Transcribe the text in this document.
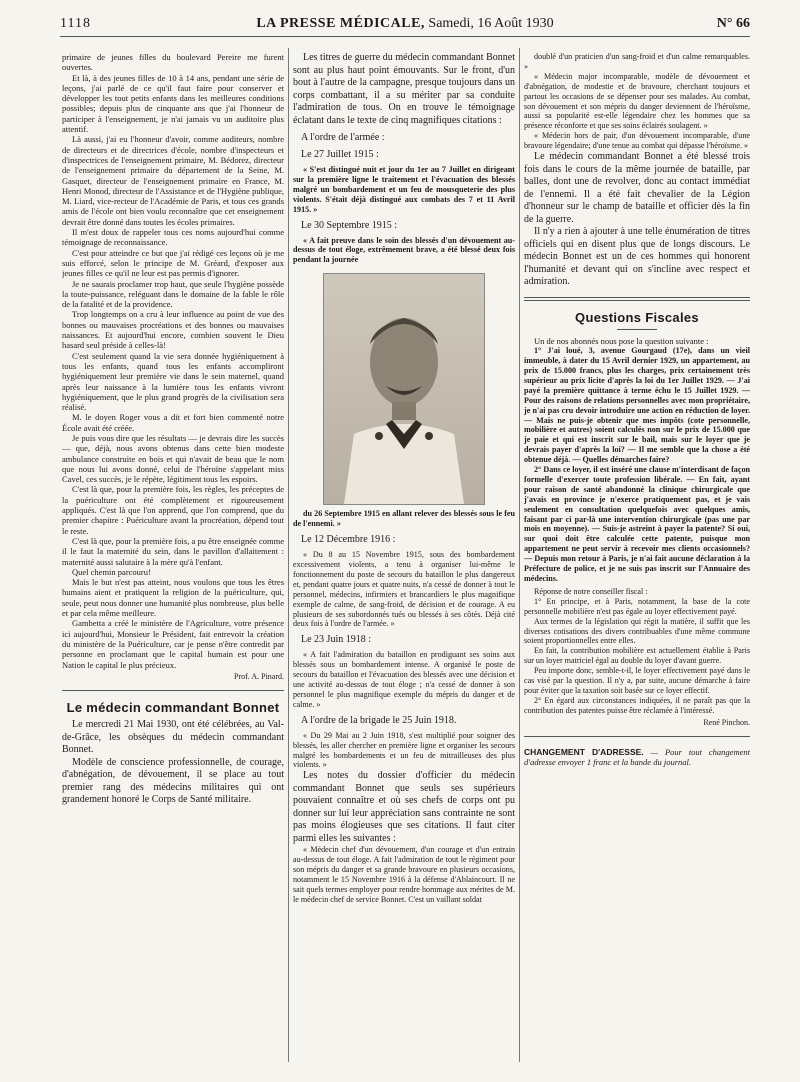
1118	LA PRESSE MÉDICALE, Samedi, 16 Août 1930	N° 66

primaire de jeunes filles du boulevard Pereire me furent ouvertes.

Et là, à des jeunes filles de 10 à 14 ans, pendant une série de leçons, j'ai parlé de ce qu'il faut faire pour conserver et développer les tout petits enfants dans les meilleures conditions possibles; depuis plus de cinquante ans que j'ai l'honneur de participer à l'enseignement, je n'ai jamais vu un auditoire plus attentif.

Là aussi, j'ai eu l'honneur d'avoir, comme auditeurs, nombre de directeurs et de directrices d'école, nombre d'inspecteurs et d'inspectrices de l'enseignement primaire, M. Bédorez, directeur de l'enseignement primaire du département de la Seine, M. Gasquet, directeur de l'enseignement primaire en France, M. Henri Monod, directeur de l'Assistance et de l'Hygiène publique, M. Liard, vice-recteur de l'Académie de Paris, et tous ces grands amis de l'école ont bien voulu reconnaître que cet enseignement devrait être donné dans toutes les écoles primaires.

Il m'est doux de rappeler tous ces noms aujourd'hui comme témoignage de reconnaissance.

C'est pour atteindre ce but que j'ai rédigé ces leçons où je me suis efforcé, selon le principe de M. Gréard, d'exposer aux jeunes filles ce qu'il ne leur est pas permis d'ignorer.

Je ne saurais proclamer trop haut, que seule l'hygiène possède la toute-puissance, reléguant dans le domaine de la fable le rôle de la fatalité et de la providence.

Trop longtemps on a cru à leur influence au point de vue des bonnes ou mauvaises procréations et des bonnes ou mauvaises naissances. Et aujourd'hui encore, combien souvent le Dieu hasard seul préside à celles-là!

C'est seulement quand la vie sera donnée hygiéniquement à tous les enfants, quand tous les enfants accompliront hygiéniquement leur première vie dans le sein maternel, quand après leur naissance à la lumière tous les enfants vivront hygiéniquement, que le plus grand progrès de la civilisation sera réalisé.

M. le doyen Roger vous a dit et fort bien commenté notre École avait été créée.

Je puis vous dire que les résultats — je devrais dire les succès — que, déjà, nous avons obtenus dans cette bien modeste ambulance construite en bois et qui n'avait de beau que le nom que nous lui avons donné, celui de l'héroïne s'appelant miss Cavel, ces succès, je le répète, légitiment tous les espoirs.

C'est là que, pour la première fois, les règles, les préceptes de la puériculture ont été complètement et rigoureusement appliqués. C'est là que l'on apprend, que l'on comprend, que du premier chapitre : Puériculture avant la procréation, dépend tout le reste.

C'est là que, pour la première fois, a pu être enseignée comme il le faut la maternité du sein, dans le pavillon d'allaitement : maternité aussi salutaire à la mère qu'à l'enfant.

Quel chemin parcouru!

Mais le but n'est pas atteint, nous voulons que tous les êtres humains aient et pratiquent la religion de la puériculture, qui, seule, peut nous donner une humanité plus nombreuse, plus belle et par cela même meilleure.

Gambetta a créé le ministère de l'Agriculture, votre présence ici aujourd'hui, Monsieur le Président, fait entrevoir la création du ministère de la Puériculture, car je pense n'être contredit par personne en proclamant que le capital humain est pour une Nation le capital le plus précieux.

Prof. A. Pinard.

Le médecin commandant Bonnet

Le mercredi 21 Mai 1930, ont été célébrées, au Val-de-Grâce, les obsèques du médecin commandant Bonnet.

Modèle de conscience professionnelle, de courage, d'abnégation, de dévouement, il se place au tout premier rang des médecins militaires qui ont grandement honoré le Corps de Santé militaire.

Les titres de guerre du médecin commandant Bonnet sont au plus haut point émouvants. Sur le front, d'un bout à l'autre de la campagne, presque toujours dans un corps combattant, il a su mériter par sa conduite l'admiration de tous. On en trouve le témoignage éclatant dans le texte de cinq magnifiques citations :

A l'ordre de l'armée :

Le 27 Juillet 1915 :

« S'est distingué nuit et jour du 1er au 7 Juillet en dirigeant sur la première ligne le traitement et l'évacuation des blessés malgré un bombardement et un feu de mousqueterie des plus violents. S'était déjà distingué aux combats des 7 et 11 Avril 1915. »

Le 30 Septembre 1915 :

« A fait preuve dans le soin des blessés d'un dévouement au-dessus de tout éloge, extrêmement brave, a été blessé deux fois pendant la journée

du 26 Septembre 1915 en allant relever des blessés sous le feu de l'ennemi. »

Le 12 Décembre 1916 :

« Du 8 au 15 Novembre 1915, sous des bombardement excessivement violents, a tenu à organiser lui-même le fonctionnement du poste de secours du bataillon le plus dangereux et, pendant quatre jours et quatre nuits, n'a cessé de donner à tout le personnel, médecins, infirmiers et brancardiers le plus magnifique exemple de calme, de sang-froid, de décision et de courage. A eu plusieurs de ses subordonnés tués ou blessés à ses côtés. Déjà cité deux fois à l'ordre de l'armée. »

Le 23 Juin 1918 :

« A fait l'admiration du bataillon en prodiguant ses soins aux blessés sous un bombardement intense. A organisé le poste de secours du bataillon et l'évacuation des blessés avec une décision et une activité au-dessus de tout éloge ; n'a cessé de donner à son personnel le plus magnifique exemple du mépris du danger et de calme. »

A l'ordre de la brigade le 25 Juin 1918.

« Du 29 Mai au 2 Juin 1918, s'est multiplié pour soigner des blessés, les aller chercher en première ligne et organiser les secours malgré les bombardements et un feu de mitrailleuses des plus violents. »

Les notes du dossier d'officier du médecin commandant Bonnet que seuls ses supérieurs pouvaient connaître et où ses chefs de corps ont pu donner sur lui leur appréciation sans contrainte ne sont pas moins élogieuses que ses citations. Il faut citer parmi elles les suivantes :

« Médecin chef d'un dévouement, d'un courage et d'un entrain au-dessus de tout éloge. A fait l'admiration de tout le régiment pour son mépris du danger et sa grande bravoure en plusieurs occasions, notamment le 15 Novembre 1916 à la défense d'Ablaincourt. Il ne sait quels termes employer pour rendre hommage aux mérites de M. le médecin chef de service Bonnet. C'est un vaillant soldat

doublé d'un praticien d'un sang-froid et d'un calme remarquables. »

« Médecin major incomparable, modèle de dévouement et d'abnégation, de modestie et de bravoure, cherchant toujours et partout les occasions de se dépenser pour ses malades. Au combat, son dévouement et son mépris du danger deviennent de l'héroïsme, aussi sa popularité est-elle légendaire chez les hommes que sa présence réconforte et que ses soins éclairés soulagent. »

« Médecin hors de pair, d'un dévouement incomparable, d'une bravoure légendaire; d'une tenue au combat qui dépasse l'héroïsme. »

Le médecin commandant Bonnet a été blessé trois fois dans le cours de la même journée de bataille, par balles, dont une de revolver, donc au contact immédiat de l'ennemi. Il a été fait chevalier de la Légion d'honneur sur le champ de bataille et officier dès la fin de la guerre.

Il n'y a rien à ajouter à une telle énumération de titres officiels qui en disent plus que de longs discours. Le médecin Bonnet est un de ces hommes qui honorent l'humanité et devant qui on s'incline avec respect et admiration.

Questions Fiscales

Un de nos abonnés nous pose la question suivante :

1° J'ai loué, 3, avenue Gourgaud (17e), dans un vieil immeuble, à dater du 15 Avril dernier 1929, un appartement, au prix de 15.000 francs, plus les charges, prix certainement très supérieur au prix licite d'après la loi du 1er Juillet 1929. — J'ai payé la première quittance à terme échu le 15 Juillet 1929. — Pour des raisons de relations personnelles avec mon propriétaire, je n'ai pas cru devoir introduire une action en réduction de loyer. — Mais ne puis-je obtenir que mes impôts (cote personnelle, mobilière et autres) soient calculés non sur le prix de 15.000 que je paie et qui est inscrit sur le bail, mais sur le loyer que je devrais payer d'après la loi? — Il me semble que la chose a été obtenue déjà. — Quelles démarches faire?

2° Dans ce loyer, il est inséré une clause m'interdisant de façon formelle d'exercer toute profession libérale. — En fait, ayant pour raison de santé abandonné la clinique chirurgicale que j'avais en province je n'exerce pratiquement pas, et je vais seulement en consultation quelquefois avec quelques amis, faisant par ci par-là une intervention chirurgicale (pas une par mois en moyenne). — Suis-je astreint à payer la patente? Si oui, sur quoi doit être calculée cette patente, puisque mon appartement ne peut servir à recevoir mes clients occasionnels? — Depuis mon retour à Paris, je n'ai fait aucune déclaration à la Préfecture de police, et je ne suis pas inscrit sur l'Annuaire des médecins.

Réponse de notre conseiller fiscal :

1° En principe, et à Paris, notamment, la base de la cote personnelle mobilière n'est pas égale au loyer effectivement payé.

Aux termes de la législation qui régit la matière, il suffit que les diverses cotisations des divers contribuables d'une même commune soient proportionnelles entre elles.

En fait, la contribution mobilière est actuellement établie à Paris sur un loyer matriciel égal au double du loyer d'avant guerre.

Peu importe donc, semble-t-il, le loyer effectivement payé dans le cas visé par la question. Il n'y a, par suite, aucune démarche à faire pour éviter que la taxation soit basée sur ce loyer effectif.

2° En égard aux circonstances indiquées, il ne paraît pas que la contribution des patentes puisse être réclamée à l'intéressé.

René Pinchon.

CHANGEMENT D'ADRESSE. — Pour tout changement d'adresse envoyer 1 franc et la bande du journal.
